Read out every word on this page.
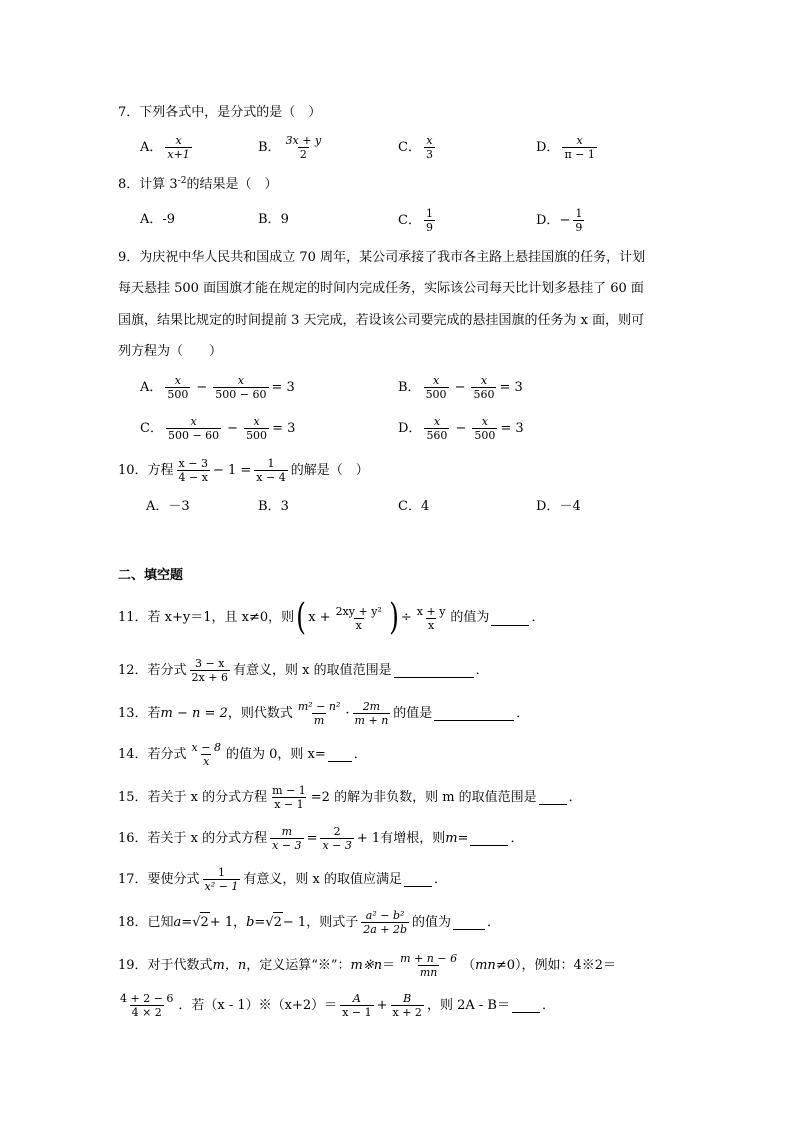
7．下列各式中，是分式的是（　）
A． $\frac{x}{x+1}$	B． $\frac{3x + y}{2}$	C． $\frac{x}{3}$	D． $\frac{x}{\pi - 1}$
8．计算 $3^{-2}$ 的结果是（　）
A． -9	B． 9	C． $\frac{1}{9}$	D． − $\frac{1}{9}$
9．为庆祝中华人民共和国成立 70 周年，某公司承接了我市各主路上悬挂国旗的任务，计划
每天悬挂 500 面国旗才能在规定的时间内完成任务，实际该公司每天比计划多悬挂了 60 面
国旗，结果比规定的时间提前 3 天完成，若设该公司要完成的悬挂国旗的任务为 x 面，则可
列方程为（　　）
A． $\frac{x}{500} - \frac{x}{500 - 60} = 3$	B． $\frac{x}{500} - \frac{x}{560} = 3$
C． $\frac{x}{500 - 60} - \frac{x}{500} = 3$	D． $\frac{x}{560} - \frac{x}{500} = 3$
10．方程 $\frac{x - 3}{4 - x} - 1 = \frac{1}{x - 4}$ 的解是（　）
A． －3	B． 3	C． 4	D． －4
二、填空题
11．若 x+y＝1，且 x≠0，则 ( $x + \frac{\text{2xy + y²}}{x}$ ) ÷ $\frac{x + y}{x}$ 的值为	．
12．若分式 $\frac{3 - x}{2x + 6}$ 有意义，则 x 的取值范围是	．
13．若 m − n = 2 ，则代数式 $\frac{\text{m² − n²}}{m} \cdot \frac{2m}{m + n}$ 的值是	．
14．若分式 $\frac{x - 8}{x}$ 的值为 0，则 x= ．
15．若关于 x 的分式方程 $\frac{m - 1}{x - 1} =2$ 的解为非负数，则 m 的取值范围是 ．
16．若关于 x 的分式方程 $\frac{m}{x - 3} = \frac{2}{x - 3} + 1$ 有增根，则 m =	．
17．要使分式 $\frac{1}{\text{x² − 1}}$ 有意义，则 x 的取值应满足 ．
18．已知 a = √ 2 + 1， b = √ 2 − 1，则式子 $\frac{\text{a² − b²}}{2a + 2b}$ 的值为	．
19．对于代数式 m，n ，定义运算“※”： m※n ＝ $\frac{m + n - 6}{mn}$ （ mn ≠0），例如：4※2＝
$\frac{4 + 2 - 6}{4 \times 2}$ ．若（x - 1）※（x+2）＝ $\frac{A}{x - 1} + \frac{B}{x + 2}$ ，则 2A - B＝ ．
